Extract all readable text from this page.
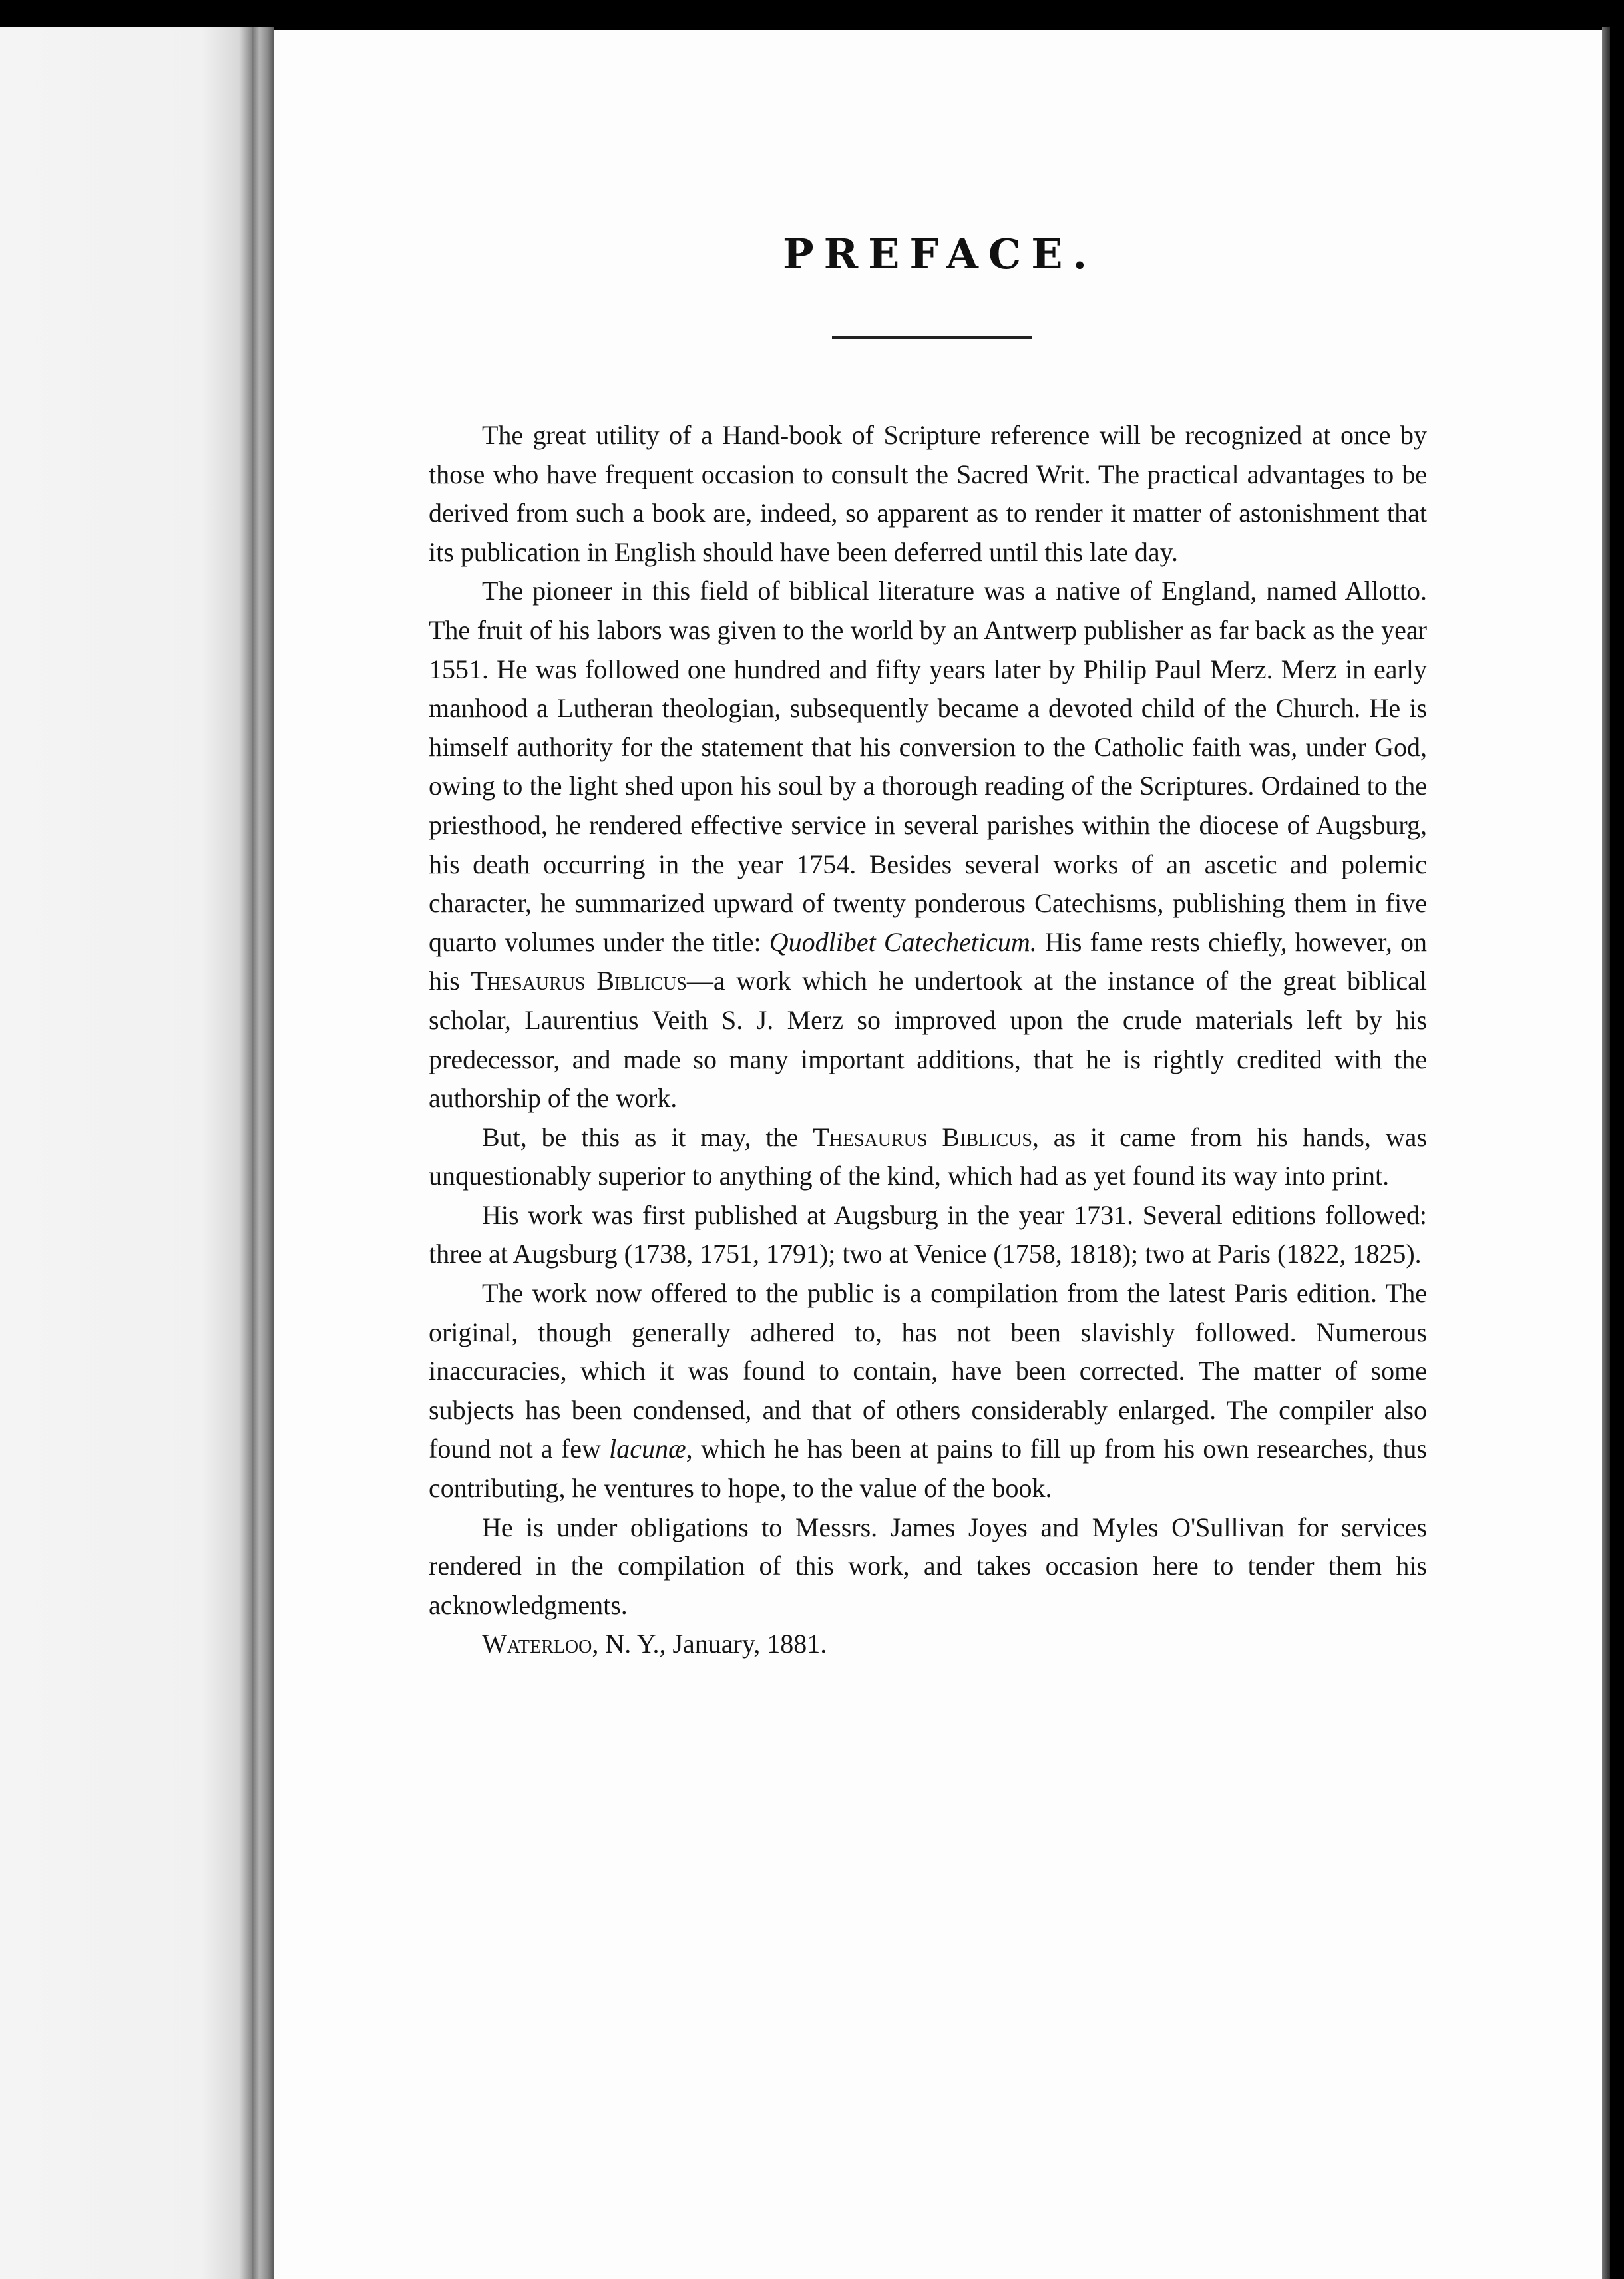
PREFACE.

The great utility of a Hand-book of Scripture reference will be recognized at once by those who have frequent occasion to consult the Sacred Writ. The practical advantages to be derived from such a book are, indeed, so apparent as to render it matter of astonishment that its publication in English should have been deferred until this late day.

The pioneer in this field of biblical literature was a native of England, named Allotto. The fruit of his labors was given to the world by an Antwerp publisher as far back as the year 1551. He was followed one hundred and fifty years later by Philip Paul Merz. Merz in early manhood a Lutheran theologian, subsequently became a devoted child of the Church. He is himself authority for the statement that his conversion to the Catholic faith was, under God, owing to the light shed upon his soul by a thorough reading of the Scriptures. Ordained to the priesthood, he rendered effective service in several parishes within the diocese of Augsburg, his death occurring in the year 1754. Besides several works of an ascetic and polemic character, he summarized upward of twenty ponderous Catechisms, publishing them in five quarto volumes under the title: Quodlibet Catecheticum. His fame rests chiefly, however, on his Thesaurus Biblicus—a work which he undertook at the instance of the great biblical scholar, Laurentius Veith S. J. Merz so improved upon the crude materials left by his predecessor, and made so many important additions, that he is rightly credited with the authorship of the work.

But, be this as it may, the Thesaurus Biblicus, as it came from his hands, was unquestionably superior to anything of the kind, which had as yet found its way into print.

His work was first published at Augsburg in the year 1731. Several editions followed: three at Augsburg (1738, 1751, 1791); two at Venice (1758, 1818); two at Paris (1822, 1825).

The work now offered to the public is a compilation from the latest Paris edition. The original, though generally adhered to, has not been slavishly followed. Numerous inaccuracies, which it was found to contain, have been corrected. The matter of some subjects has been condensed, and that of others considerably enlarged. The compiler also found not a few lacunæ, which he has been at pains to fill up from his own researches, thus contributing, he ventures to hope, to the value of the book.

He is under obligations to Messrs. James Joyes and Myles O'Sullivan for services rendered in the compilation of this work, and takes occasion here to tender them his acknowledgments.

Waterloo, N. Y., January, 1881.
